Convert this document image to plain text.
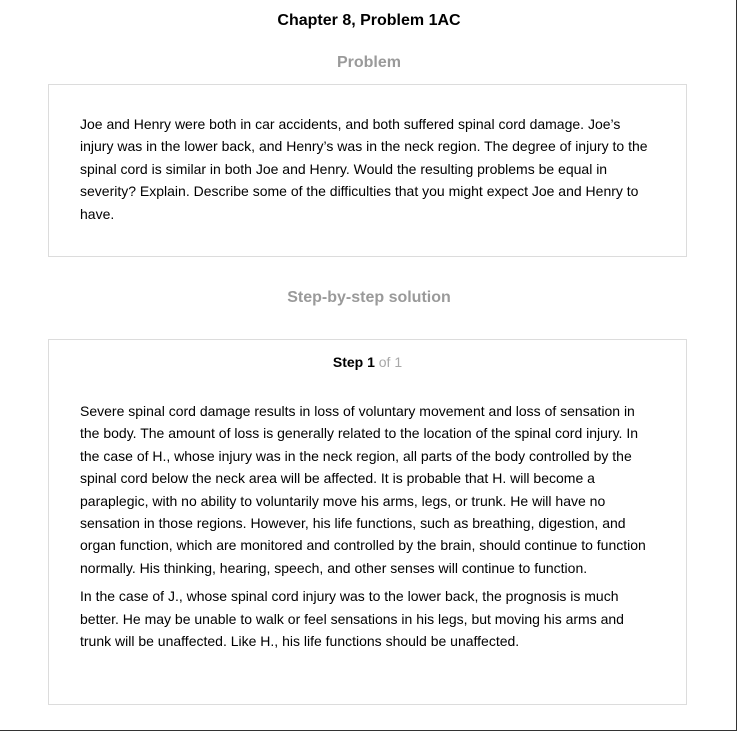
Chapter 8, Problem 1AC
Problem

Joe and Henry were both in car accidents, and both suffered spinal cord damage. Joe’s injury was in the lower back, and Henry’s was in the neck region. The degree of injury to the spinal cord is similar in both Joe and Henry. Would the resulting problems be equal in severity? Explain. Describe some of the difficulties that you might expect Joe and Henry to have.

Step-by-step solution
Step 1 of 1

Severe spinal cord damage results in loss of voluntary movement and loss of sensation in the body. The amount of loss is generally related to the location of the spinal cord injury. In the case of H., whose injury was in the neck region, all parts of the body controlled by the spinal cord below the neck area will be affected. It is probable that H. will become a paraplegic, with no ability to voluntarily move his arms, legs, or trunk. He will have no sensation in those regions. However, his life functions, such as breathing, digestion, and organ function, which are monitored and controlled by the brain, should continue to function normally. His thinking, hearing, speech, and other senses will continue to function.

In the case of J., whose spinal cord injury was to the lower back, the prognosis is much better. He may be unable to walk or feel sensations in his legs, but moving his arms and trunk will be unaffected. Like H., his life functions should be unaffected.
